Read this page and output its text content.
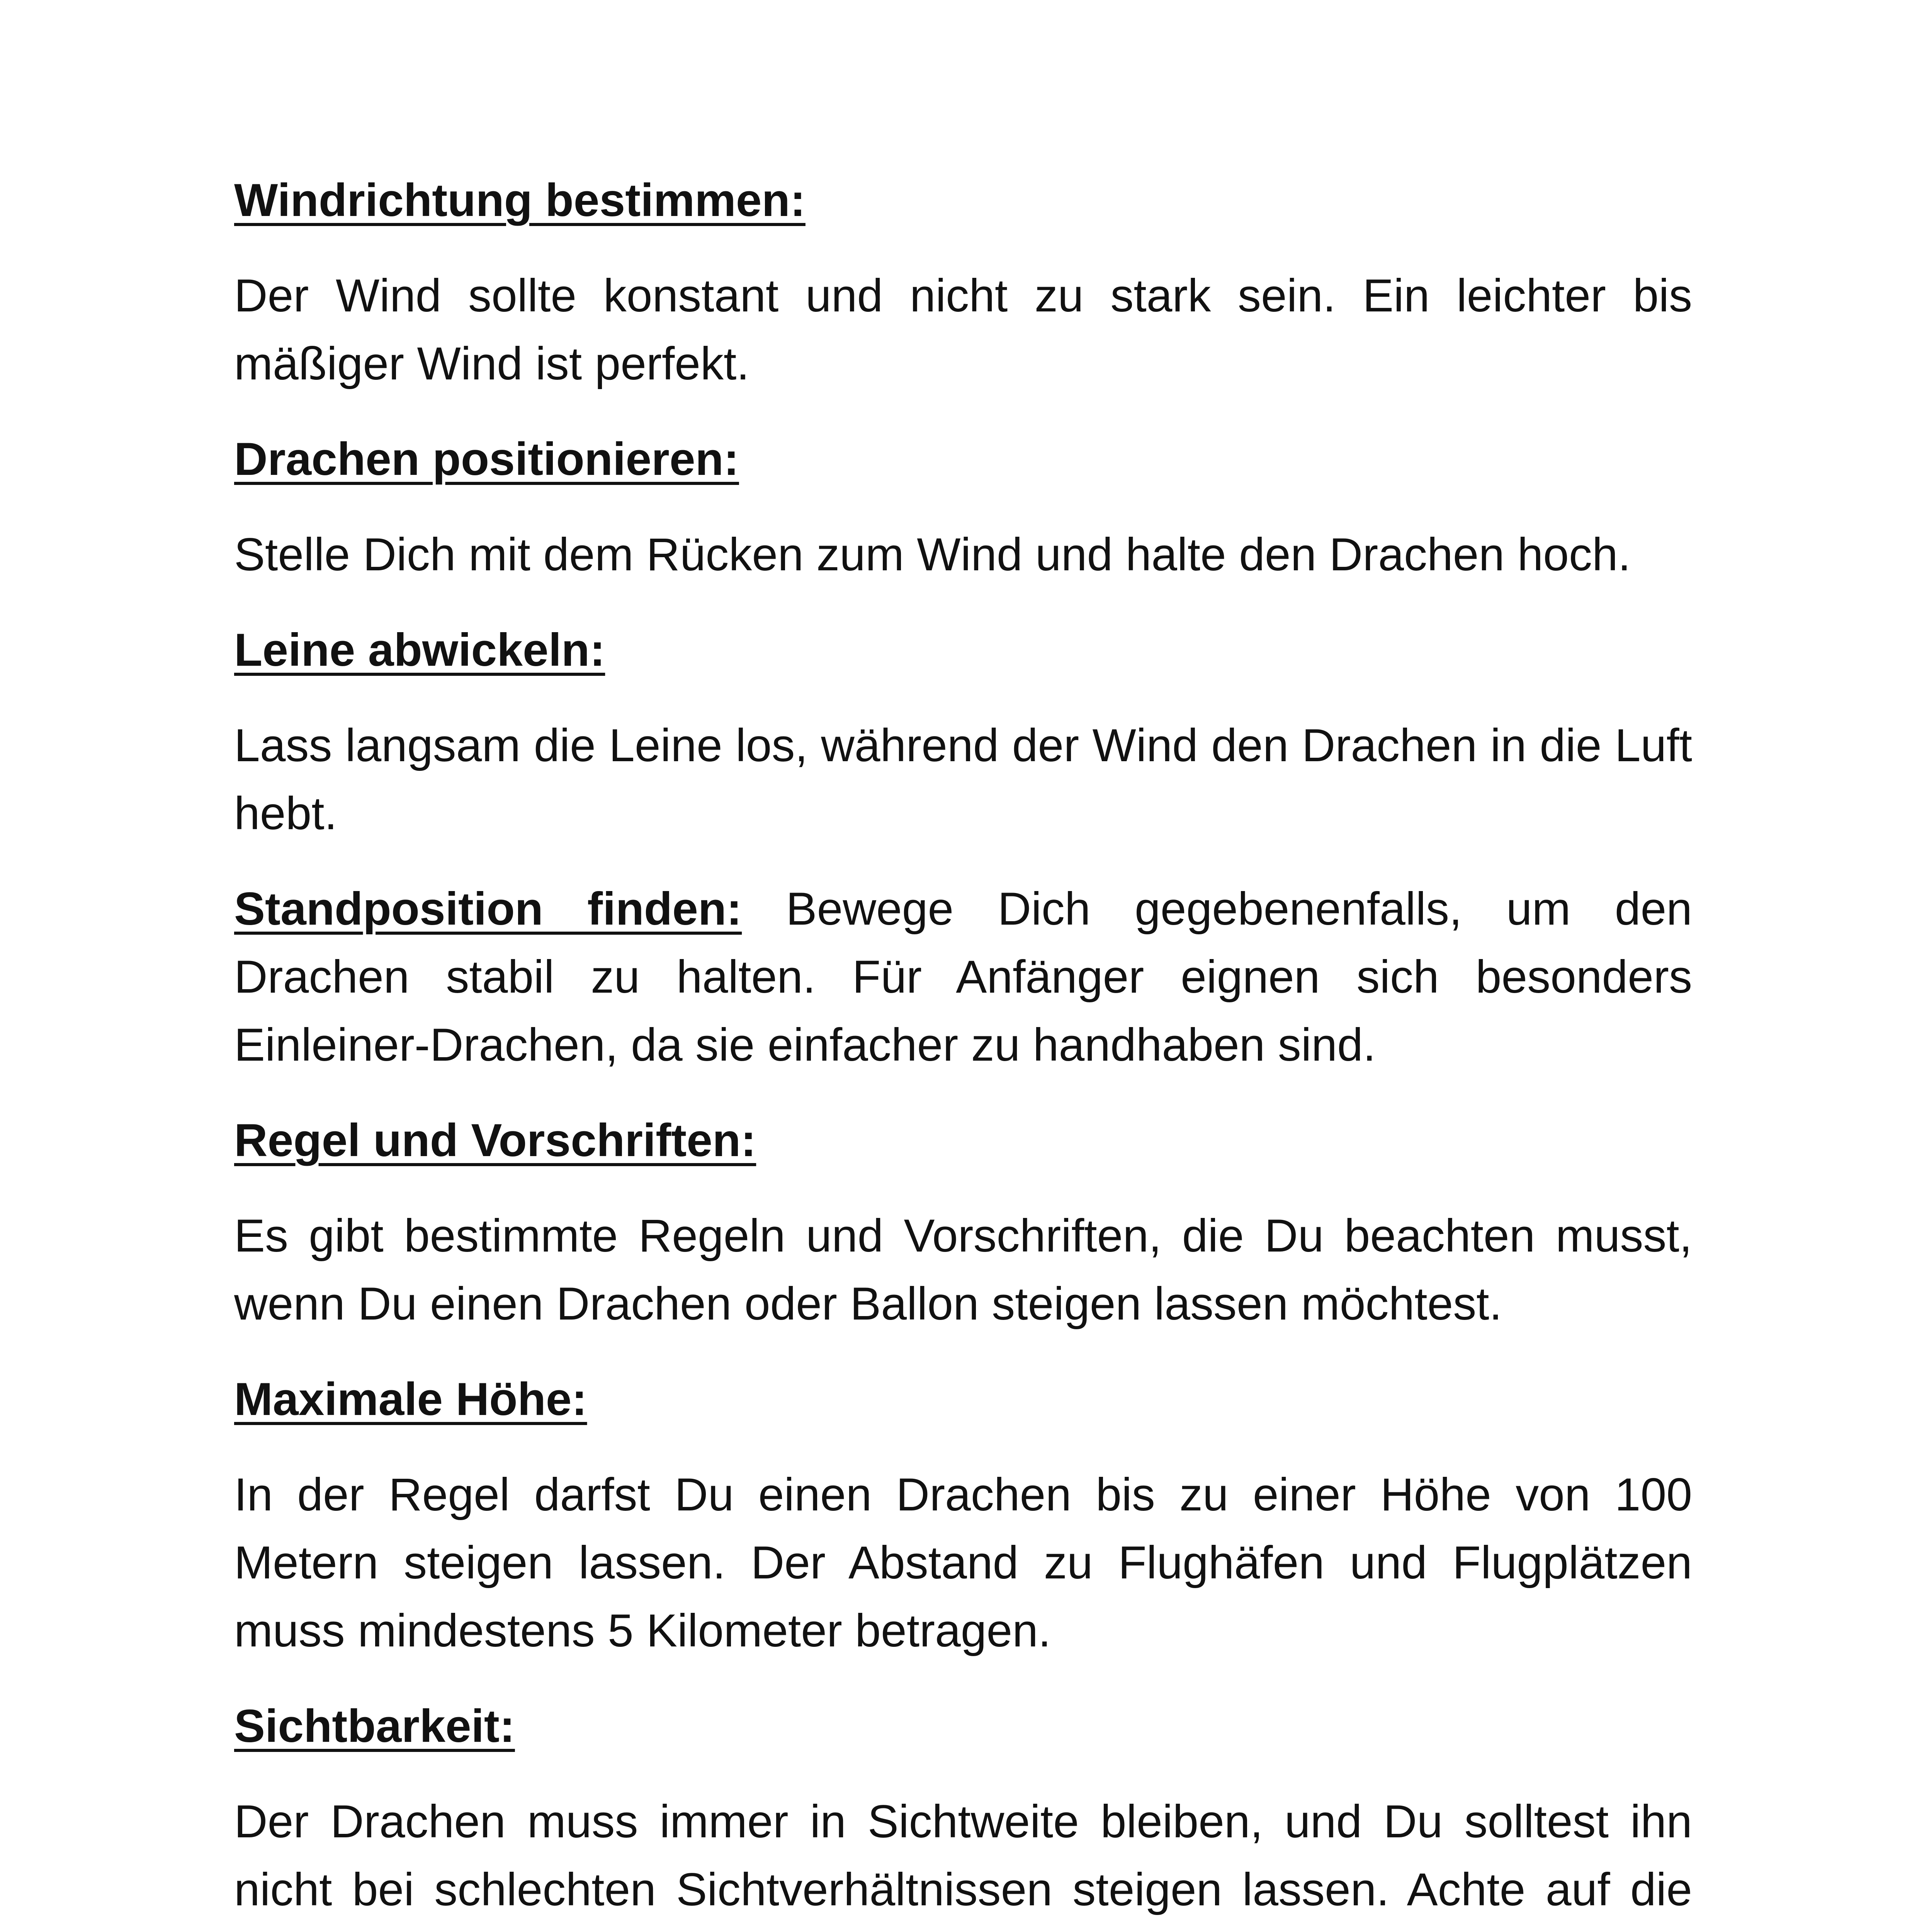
Windrichtung bestimmen:

Der Wind sollte konstant und nicht zu stark sein. Ein leichter bis mäßiger Wind ist perfekt.

Drachen positionieren:

Stelle Dich mit dem Rücken zum Wind und halte den Drachen hoch.

Leine abwickeln:

Lass langsam die Leine los, während der Wind den Drachen in die Luft hebt.

Standposition finden: Bewege Dich gegebenenfalls, um den Drachen stabil zu halten. Für Anfänger eignen sich besonders Einleiner-Drachen, da sie einfacher zu handhaben sind.

Regel und Vorschriften:

Es gibt bestimmte Regeln und Vorschriften, die Du beachten musst, wenn Du einen Drachen oder Ballon steigen lassen möchtest.

Maximale Höhe:

In der Regel darfst Du einen Drachen bis zu einer Höhe von 100 Metern steigen lassen. Der Abstand zu Flughäfen und Flugplätzen muss mindestens 5 Kilometer betragen.

Sichtbarkeit:

Der Drachen muss immer in Sichtweite bleiben, und Du solltest ihn nicht bei schlechten Sichtverhältnissen steigen lassen. Achte auf die
